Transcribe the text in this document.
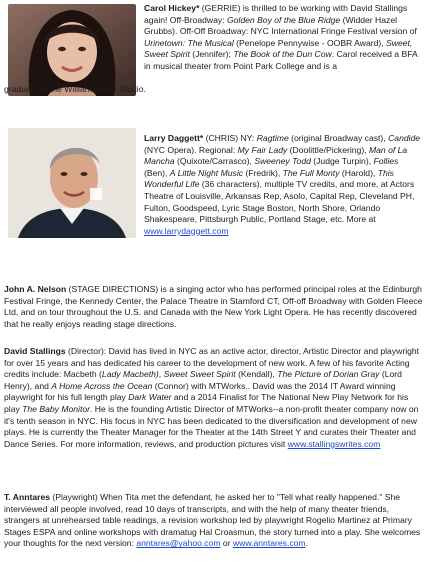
Carol Hickey* (GERRIE) is thrilled to be working with David Stallings again! Off-Broadway: Golden Boy of the Blue Ridge (Widder Hazel Grubbs). Off-Off Broadway: NYC International Fringe Festival version of Urinetown: The Musical (Penelope Pennywise - OOBR Award), Sweet, Sweet Spirit (Jennifer); The Book of the Dun Cow. Carol received a BFA in musical theater from Point Park College and is a

graduate of the William Esper Studio.

Larry Daggett* (CHRIS) NY: Ragtime (original Broadway cast), Candide (NYC Opera). Regional: My Fair Lady (Doolittle/Pickering), Man of La Mancha (Quixote/Carrasco), Sweeney Todd (Judge Turpin), Follies (Ben), A Little Night Music (Fredrik), The Full Monty (Harold), This Wonderful Life (36 characters), multiple TV credits, and more, at Actors Theatre of Louisville, Arkansas Rep, Asolo, Capital Rep, Cleveland PH, Fulton, Goodspeed, Lyric Stage Boston, North Shore, Orlando Shakespeare, Pittsburgh Public, Portland Stage, etc. More at www.larrydaggett.com

John A. Nelson (STAGE DIRECTIONS) is a singing actor who has performed principal roles at the Edinburgh Festival Fringe, the Kennedy Center, the Palace Theatre in Stamford CT, Off-off Broadway with Golden Fleece Ltd, and on tour throughout the U.S. and Canada with the New York Light Opera. He has recently discovered that he really enjoys reading stage directions.

David Stallings (Director): David has lived in NYC as an active actor, director, Artistic Director and playwright for over 15 years and has dedicated his career to the development of new work. A few of his favorite Acting credits include: Macbeth (Lady Macbeth), Sweet Sweet Spirit (Kendall), The Picture of Dorian Gray (Lord Henry), and A Home Across the Ocean (Connor) with MTWorks.. David was the 2014 IT Award winning playwright for his full length play Dark Water and a 2014 Finalist for The National New Play Network for his play The Baby Monitor. He is the founding Artistic Director of MTWorks--a non-profit theater company now on it's tenth season in NYC. His focus in NYC has been dedicated to the diversification and development of new plays. He is currently the Theater Manager for the Theater at the 14th Street Y and curates their Theater and Dance Series. For more information, reviews, and production pictures visit www.stallingswrites.com

T. Anntares (Playwright) When Tita met the defendant, he asked her to "Tell what really happened." She interviewed all people involved, read 10 days of transcripts, and with the help of many theater friends, strangers at unrehearsed table readings, a revision workshop led by playwright Rogelio Martinez at Primary Stages ESPA and online workshops with dramatug Hal Croasmun, the story turned into a play. She welcomes your thoughts for the next version: anntares@yahoo.com or www.anntares.com.
